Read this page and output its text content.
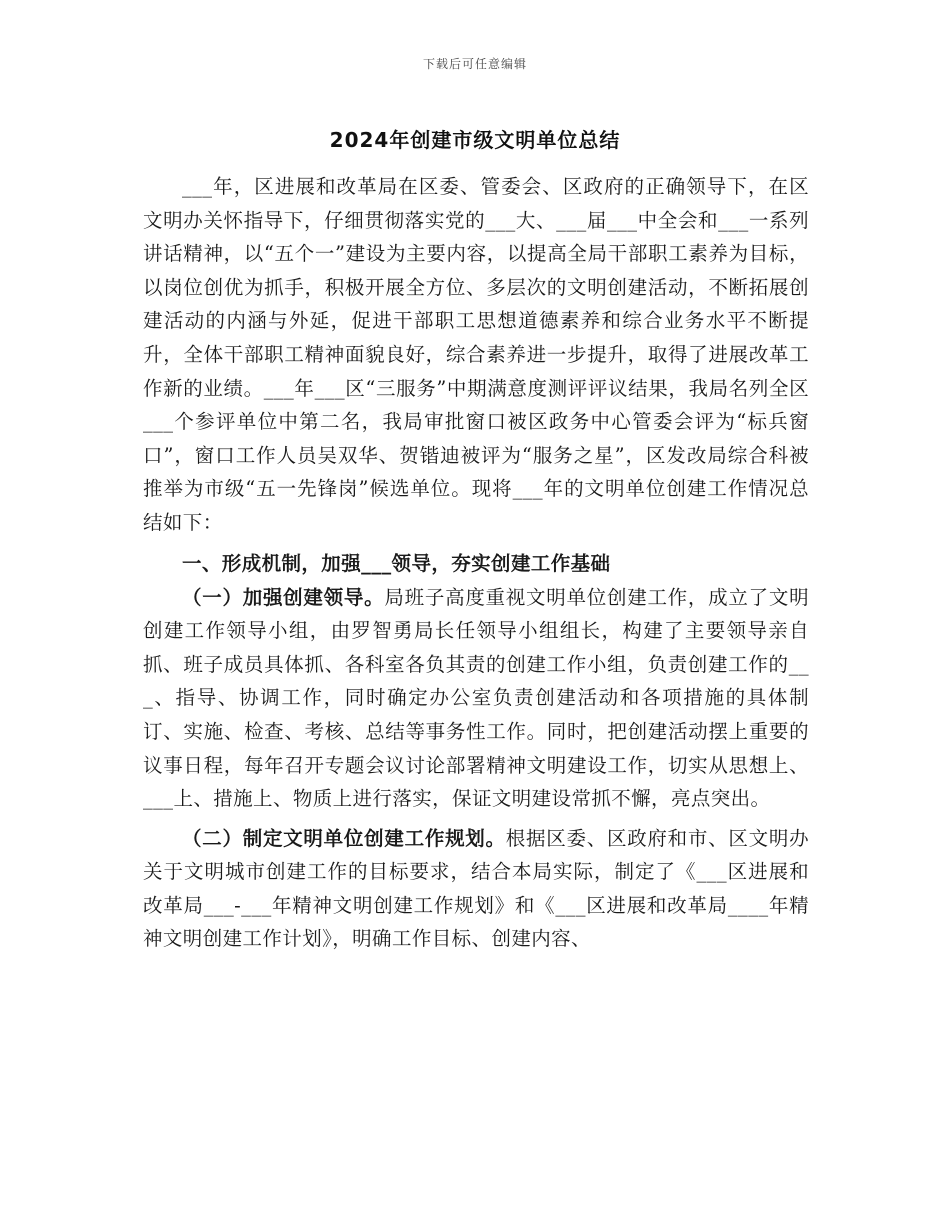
下载后可任意编辑
2024年创建市级文明单位总结

___年，区进展和改革局在区委、管委会、区政府的正确领导下，在区文明办关怀指导下，仔细贯彻落实党的___大、___届___中全会和___一系列讲话精神，以“五个一”建设为主要内容，以提高全局干部职工素养为目标，以岗位创优为抓手，积极开展全方位、多层次的文明创建活动，不断拓展创建活动的内涵与外延，促进干部职工思想道德素养和综合业务水平不断提升，全体干部职工精神面貌良好，综合素养进一步提升，取得了进展改革工作新的业绩。___年___区“三服务”中期满意度测评评议结果，我局名列全区___个参评单位中第二名，我局审批窗口被区政务中心管委会评为“标兵窗口”，窗口工作人员吴双华、贺锴迪被评为“服务之星”，区发改局综合科被推举为市级“五一先锋岗”候选单位。现将___年的文明单位创建工作情况总结如下：

一、形成机制，加强___领导，夯实创建工作基础

（一）加强创建领导。局班子高度重视文明单位创建工作，成立了文明创建工作领导小组，由罗智勇局长任领导小组组长，构建了主要领导亲自抓、班子成员具体抓、各科室各负其责的创建工作小组，负责创建工作的___、指导、协调工作，同时确定办公室负责创建活动和各项措施的具体制订、实施、检查、考核、总结等事务性工作。同时，把创建活动摆上重要的议事日程，每年召开专题会议讨论部署精神文明建设工作，切实从思想上、___上、措施上、物质上进行落实，保证文明建设常抓不懈，亮点突出。

（二）制定文明单位创建工作规划。根据区委、区政府和市、区文明办关于文明城市创建工作的目标要求，结合本局实际，制定了《___区进展和改革局___-___年精神文明创建工作规划》和《___区进展和改革局____年精神文明创建工作计划》，明确工作目标、创建内容、
